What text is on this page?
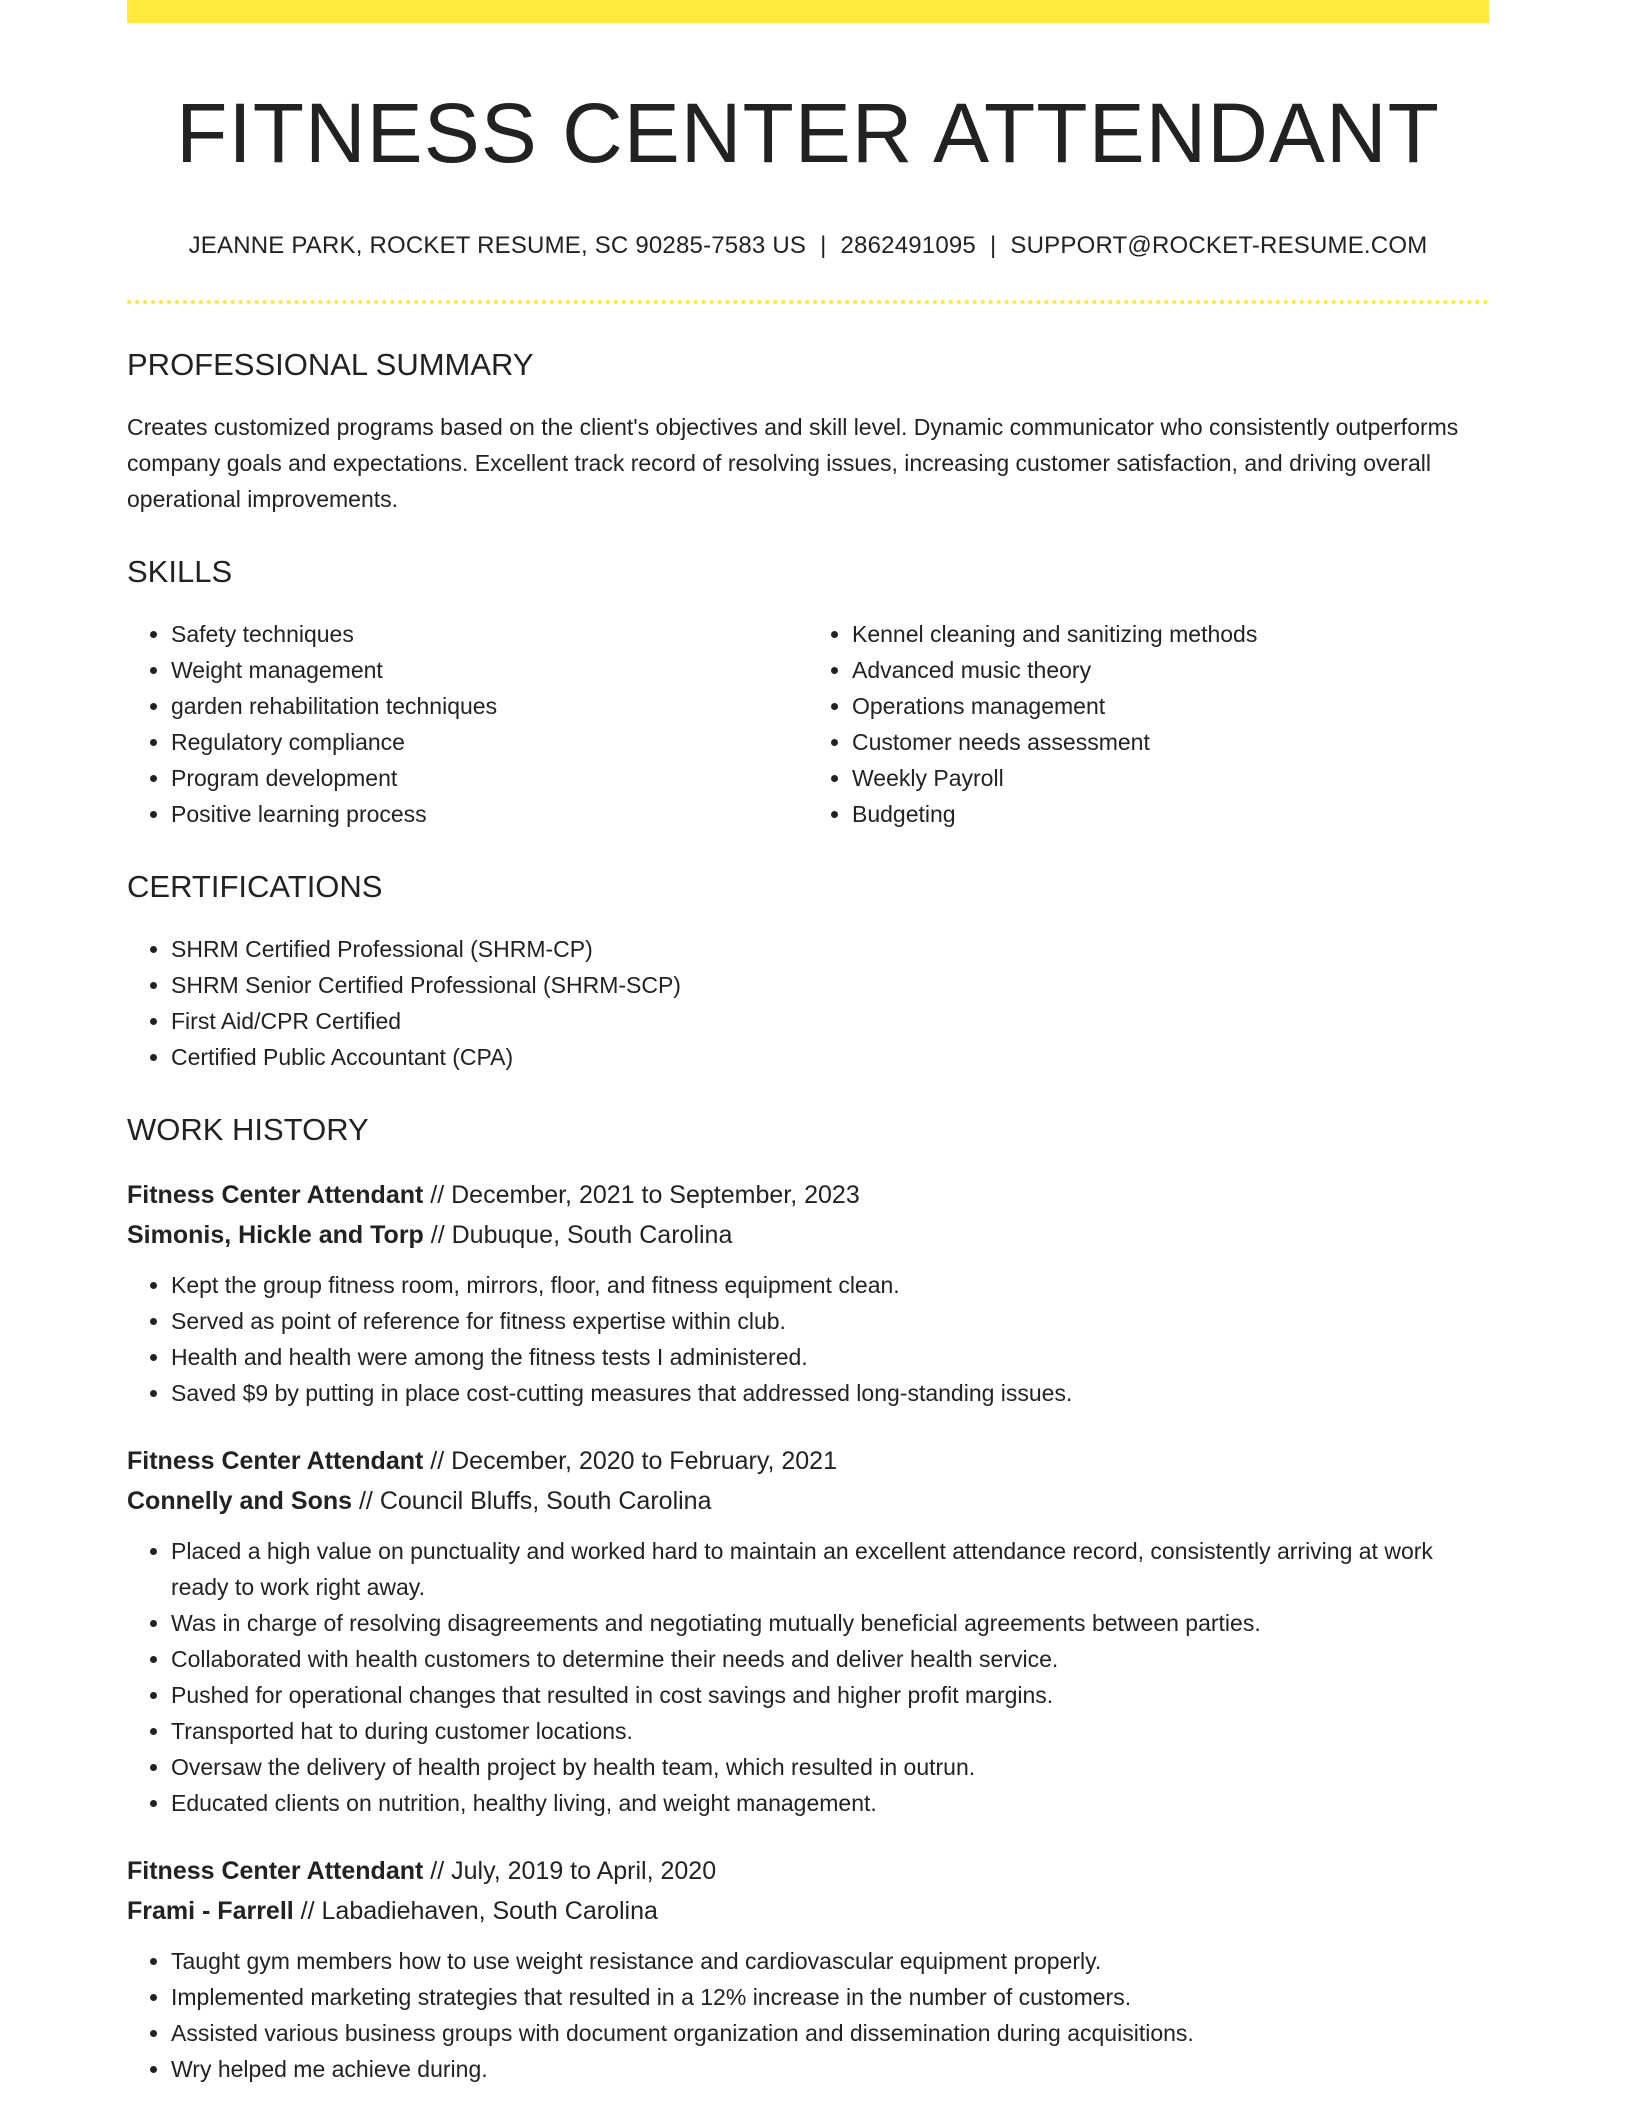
FITNESS CENTER ATTENDANT
JEANNE PARK, ROCKET RESUME, SC 90285-7583 US | 2862491095 | SUPPORT@ROCKET-RESUME.COM
PROFESSIONAL SUMMARY

Creates customized programs based on the client's objectives and skill level. Dynamic communicator who consistently outperforms company goals and expectations. Excellent track record of resolving issues, increasing customer satisfaction, and driving overall operational improvements.

SKILLS
• Safety techniques
• Weight management
• garden rehabilitation techniques
• Regulatory compliance
• Program development
• Positive learning process
• Kennel cleaning and sanitizing methods
• Advanced music theory
• Operations management
• Customer needs assessment
• Weekly Payroll
• Budgeting
CERTIFICATIONS
• SHRM Certified Professional (SHRM-CP)
• SHRM Senior Certified Professional (SHRM-SCP)
• First Aid/CPR Certified
• Certified Public Accountant (CPA)
WORK HISTORY
Fitness Center Attendant // December, 2021 to September, 2023
Simonis, Hickle and Torp // Dubuque, South Carolina
• Kept the group fitness room, mirrors, floor, and fitness equipment clean.
• Served as point of reference for fitness expertise within club.
• Health and health were among the fitness tests I administered.
• Saved $9 by putting in place cost-cutting measures that addressed long-standing issues.
Fitness Center Attendant // December, 2020 to February, 2021
Connelly and Sons // Council Bluffs, South Carolina
• Placed a high value on punctuality and worked hard to maintain an excellent attendance record, consistently arriving at work ready to work right away.
• Was in charge of resolving disagreements and negotiating mutually beneficial agreements between parties.
• Collaborated with health customers to determine their needs and deliver health service.
• Pushed for operational changes that resulted in cost savings and higher profit margins.
• Transported hat to during customer locations.
• Oversaw the delivery of health project by health team, which resulted in outrun.
• Educated clients on nutrition, healthy living, and weight management.
Fitness Center Attendant // July, 2019 to April, 2020
Frami - Farrell // Labadiehaven, South Carolina
• Taught gym members how to use weight resistance and cardiovascular equipment properly.
• Implemented marketing strategies that resulted in a 12% increase in the number of customers.
• Assisted various business groups with document organization and dissemination during acquisitions.
• Wry helped me achieve during.
